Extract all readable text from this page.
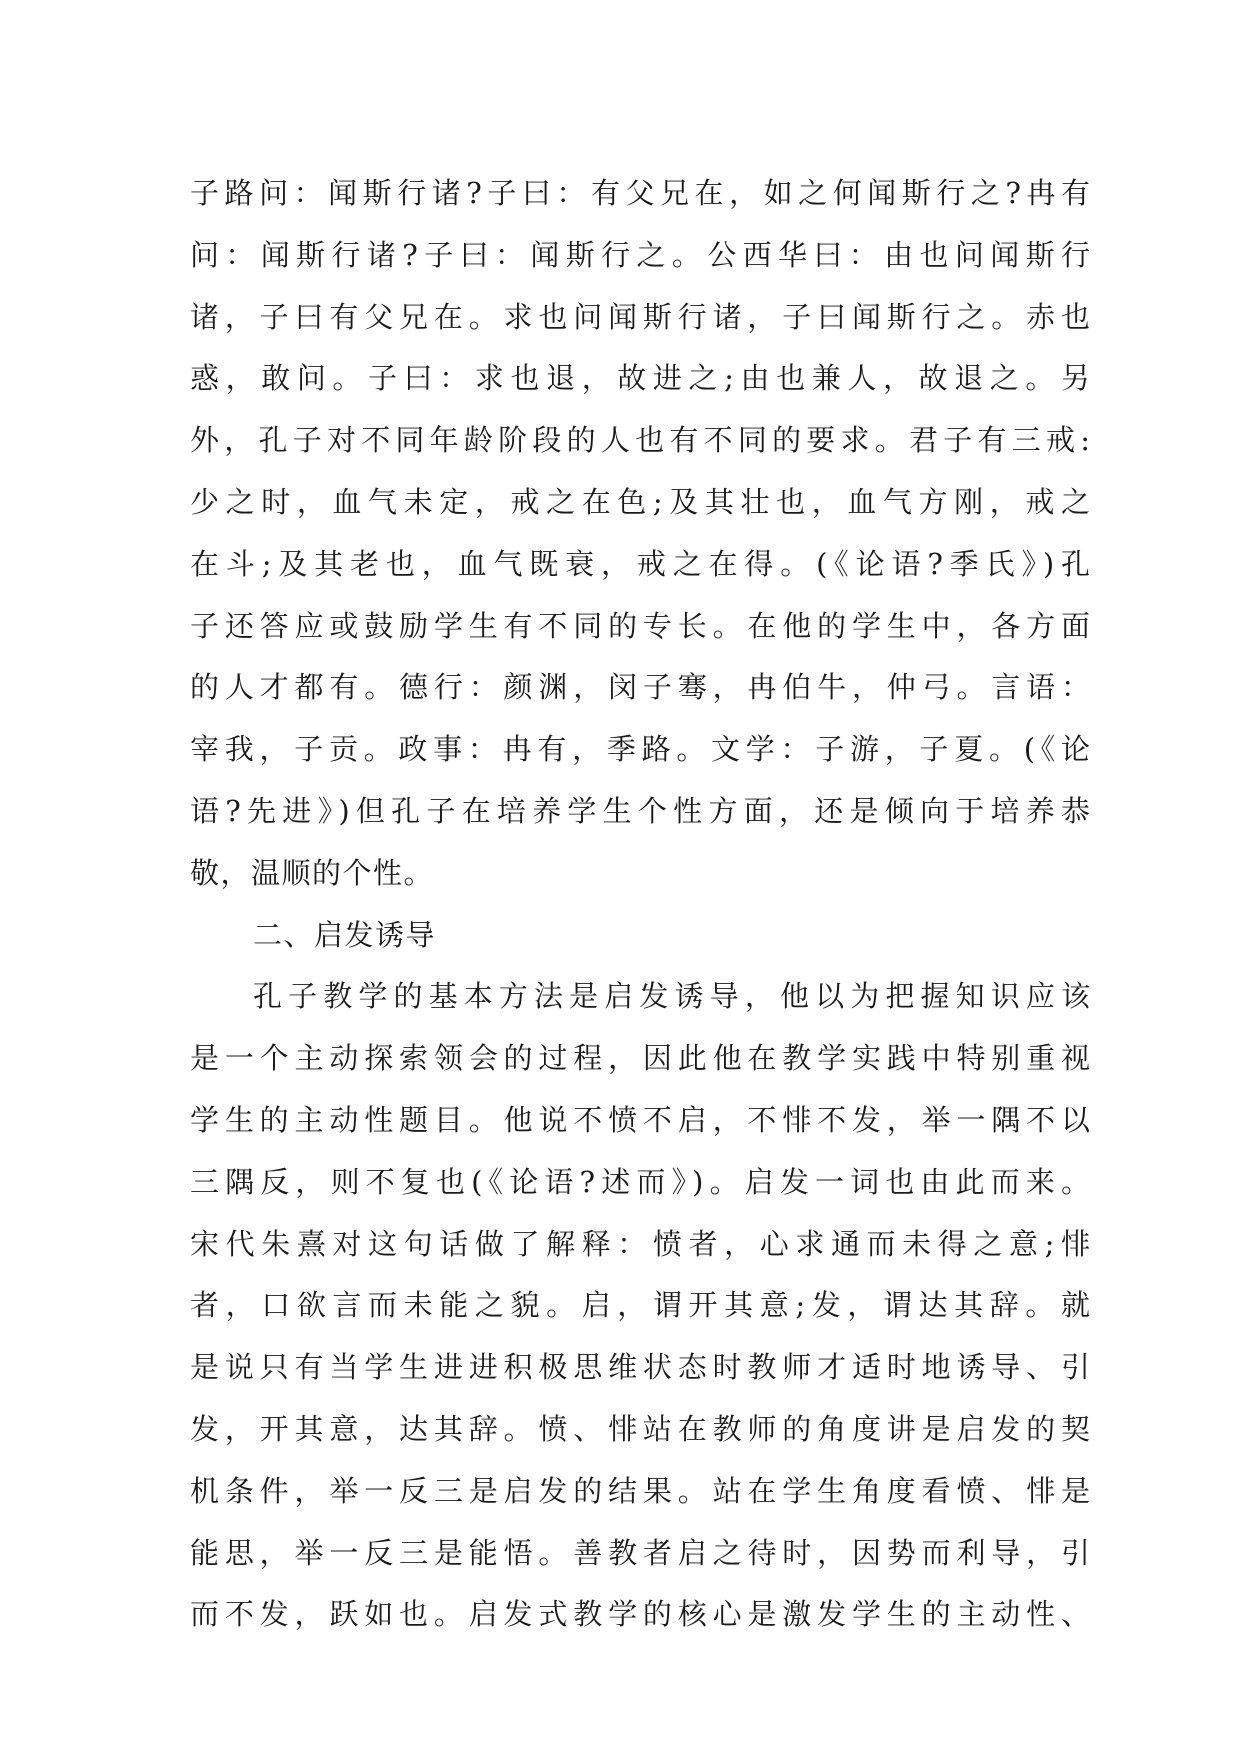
子路问：闻斯行诸?子曰：有父兄在，如之何闻斯行之?冉有
问：闻斯行诸?子曰：闻斯行之。公西华曰：由也问闻斯行
诸，子曰有父兄在。求也问闻斯行诸，子曰闻斯行之。赤也
惑，敢问。子曰：求也退，故进之;由也兼人，故退之。另
外，孔子对不同年龄阶段的人也有不同的要求。君子有三戒:
少之时，血气未定，戒之在色;及其壮也，血气方刚，戒之
在斗;及其老也，血气既衰，戒之在得。(《论语?季氏》)孔
子还答应或鼓励学生有不同的专长。在他的学生中，各方面
的人才都有。德行：颜渊，闵子骞，冉伯牛，仲弓。言语：
宰我，子贡。政事：冉有，季路。文学：子游，子夏。(《论
语?先进》)但孔子在培养学生个性方面，还是倾向于培养恭
敬，温顺的个性。
二、启发诱导
孔子教学的基本方法是启发诱导，他以为把握知识应该
是一个主动探索领会的过程，因此他在教学实践中特别重视
学生的主动性题目。他说不愤不启，不悱不发，举一隅不以
三隅反，则不复也(《论语?述而》)。启发一词也由此而来。
宋代朱熹对这句话做了解释：愤者，心求通而未得之意;悱
者，口欲言而未能之貌。启，谓开其意;发，谓达其辞。就
是说只有当学生进进积极思维状态时教师才适时地诱导、引
发，开其意，达其辞。愤、悱站在教师的角度讲是启发的契
机条件，举一反三是启发的结果。站在学生角度看愤、悱是
能思，举一反三是能悟。善教者启之待时，因势而利导，引
而不发，跃如也。启发式教学的核心是激发学生的主动性、
